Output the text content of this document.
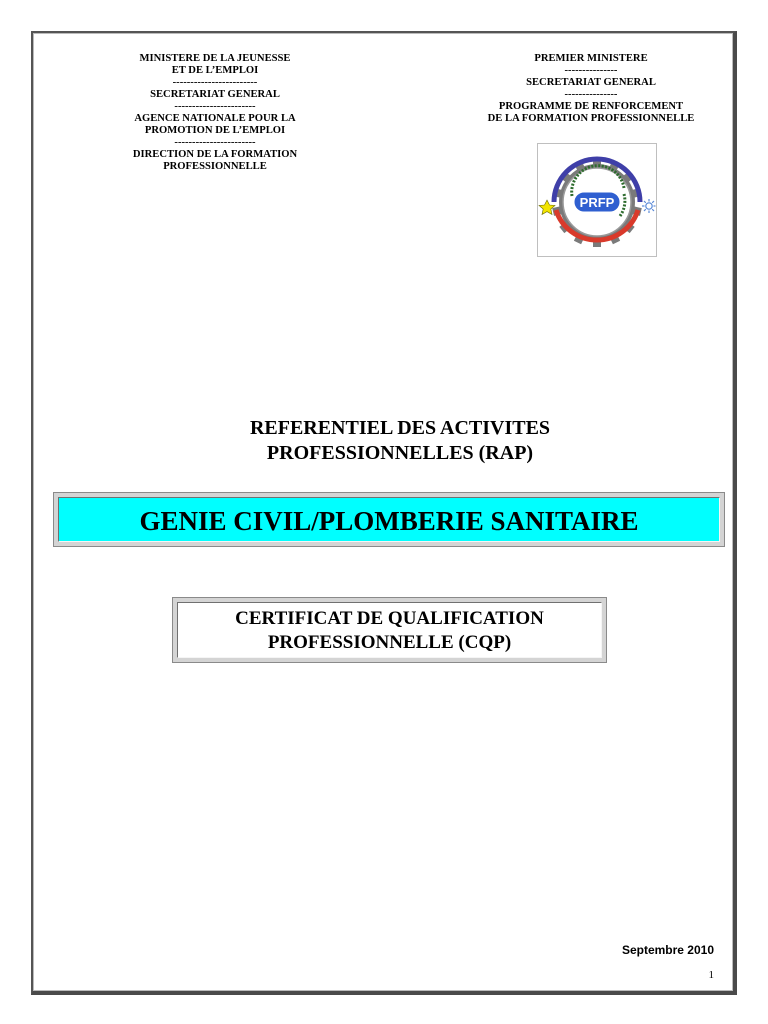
MINISTERE DE LA JEUNESSE
ET DE L’EMPLOI
------------------------
SECRETARIAT GENERAL
-----------------------
AGENCE NATIONALE POUR LA
PROMOTION DE L’EMPLOI
-----------------------
DIRECTION DE LA FORMATION
PROFESSIONNELLE
PREMIER MINISTERE
---------------
SECRETARIAT GENERAL
---------------
PROGRAMME DE RENFORCEMENT
DE LA FORMATION PROFESSIONNELLE
PRFP
REFERENTIEL DES ACTIVITES
PROFESSIONNELLES (RAP)
GENIE CIVIL/PLOMBERIE SANITAIRE
CERTIFICAT DE QUALIFICATION
PROFESSIONNELLE (CQP)
Septembre 2010
1
